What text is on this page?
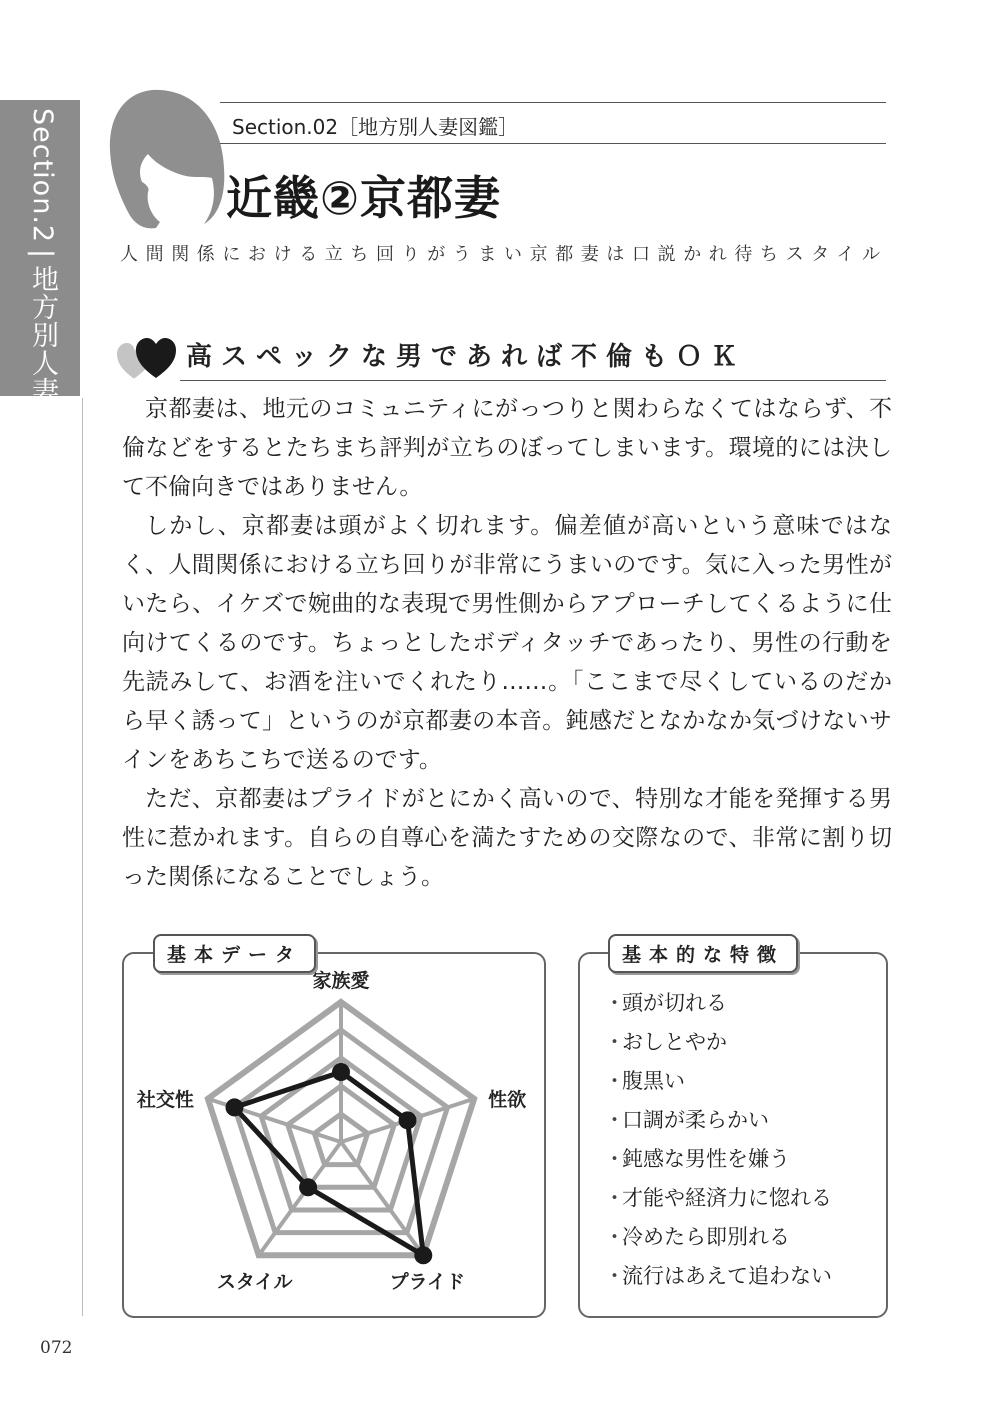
Section.2|地方別人妻図鑑
Section.02［地方別人妻図鑑］
近畿②京都妻
人間関係における立ち回りがうまい京都妻は口説かれ待ちスタイル
高スペックな男であれば不倫もＯＫ

京都妻は、地元のコミュニティにがっつりと関わらなくてはならず、不倫などをするとたちまち評判が立ちのぼってしまいます。環境的には決して不倫向きではありません。

しかし、京都妻は頭がよく切れます。偏差値が高いという意味ではなく、人間関係における立ち回りが非常にうまいのです。気に入った男性がいたら、イケズで婉曲的な表現で男性側からアプローチしてくるように仕向けてくるのです。ちょっとしたボディタッチであったり、男性の行動を先読みして、お酒を注いでくれたり……。「ここまで尽くしているのだから早く誘って」というのが京都妻の本音。鈍感だとなかなか気づけないサインをあちこちで送るのです。

ただ、京都妻はプライドがとにかく高いので、特別な才能を発揮する男性に惹かれます。自らの自尊心を満たすための交際なので、非常に割り切った関係になることでしょう。

基本データ
家族愛
性欲
プライド
スタイル
社交性
基本的な特徴
・頭が切れる
・おしとやか
・腹黒い
・口調が柔らかい
・鈍感な男性を嫌う
・才能や経済力に惚れる
・冷めたら即別れる
・流行はあえて追わない
072
